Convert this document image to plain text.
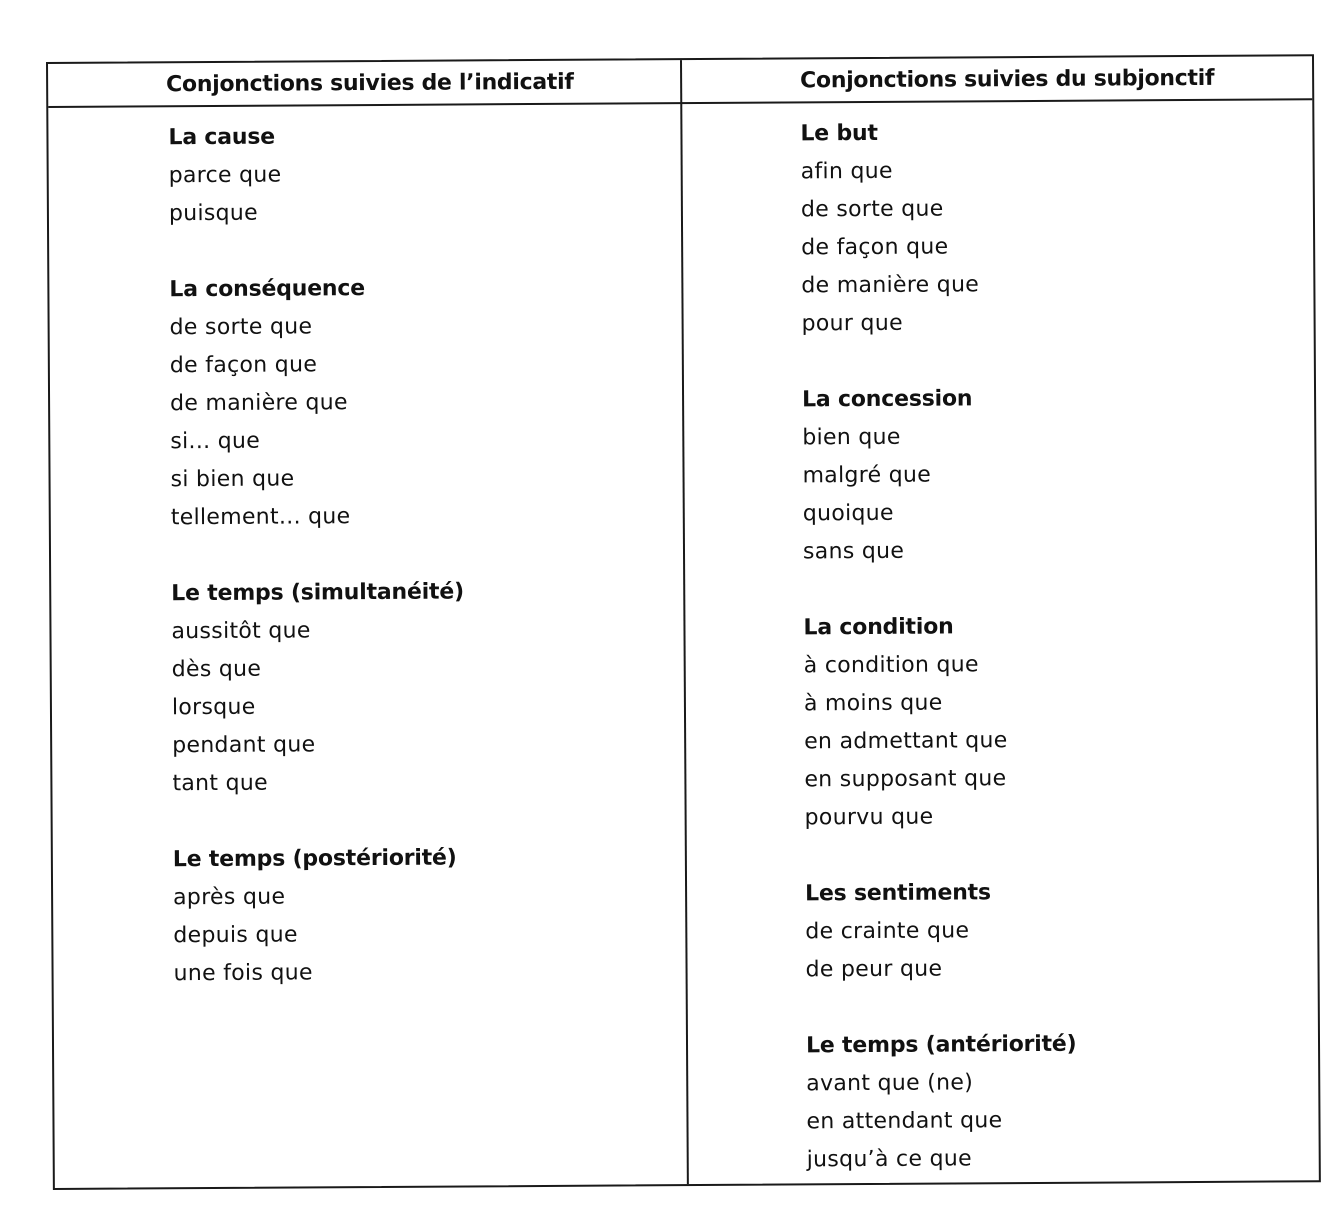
Conjonctions suivies de l’indicatif	Conjonctions suivies du subjonctif
La cause
parce que
puisque
La conséquence
de sorte que
de façon que
de manière que
si... que
si bien que
tellement... que
Le temps (simultanéité)
aussitôt que
dès que
lorsque
pendant que
tant que
Le temps (postériorité)
après que
depuis que
une fois que
Le but
afin que
de sorte que
de façon que
de manière que
pour que
La concession
bien que
malgré que
quoique
sans que
La condition
à condition que
à moins que
en admettant que
en supposant que
pourvu que
Les sentiments
de crainte que
de peur que
Le temps (antériorité)
avant que (ne)
en attendant que
jusqu’à ce que
